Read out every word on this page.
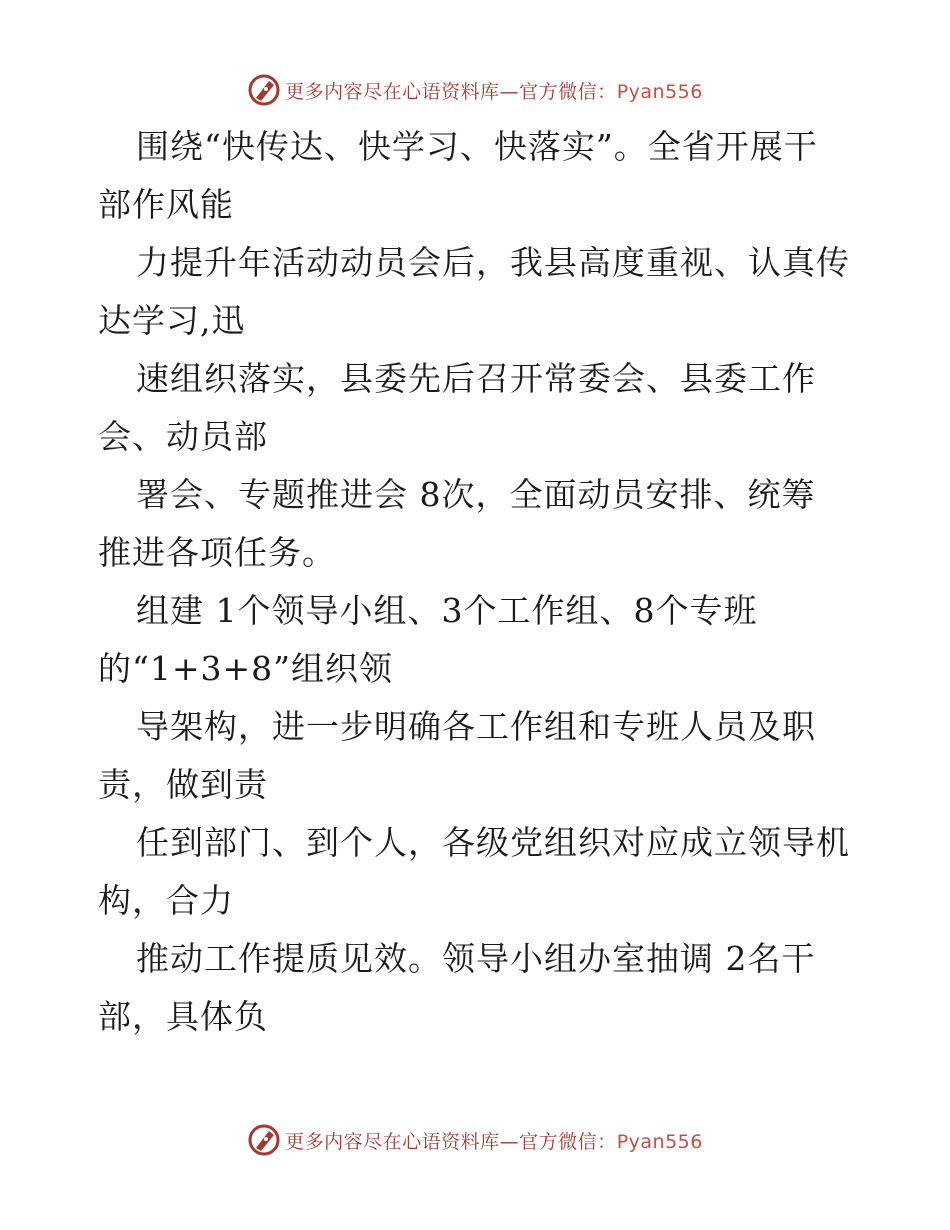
更多内容尽在心语资料库—官方微信：Pyan556
围绕“快传达、快学习、快落实”。全省开展干
部作风能
力提升年活动动员会后，我县高度重视、认真传
达学习,迅
速组织落实，县委先后召开常委会、县委工作
会、动员部
署会、专题推进会 8次，全面动员安排、统筹
推进各项任务。
组建 1个领导小组、3个工作组、8个专班
的“1+3+8”组织领
导架构，进一步明确各工作组和专班人员及职
责，做到责
任到部门、到个人，各级党组织对应成立领导机
构，合力
推动工作提质见效。领导小组办室抽调 2名干
部，具体负
更多内容尽在心语资料库—官方微信：Pyan556
